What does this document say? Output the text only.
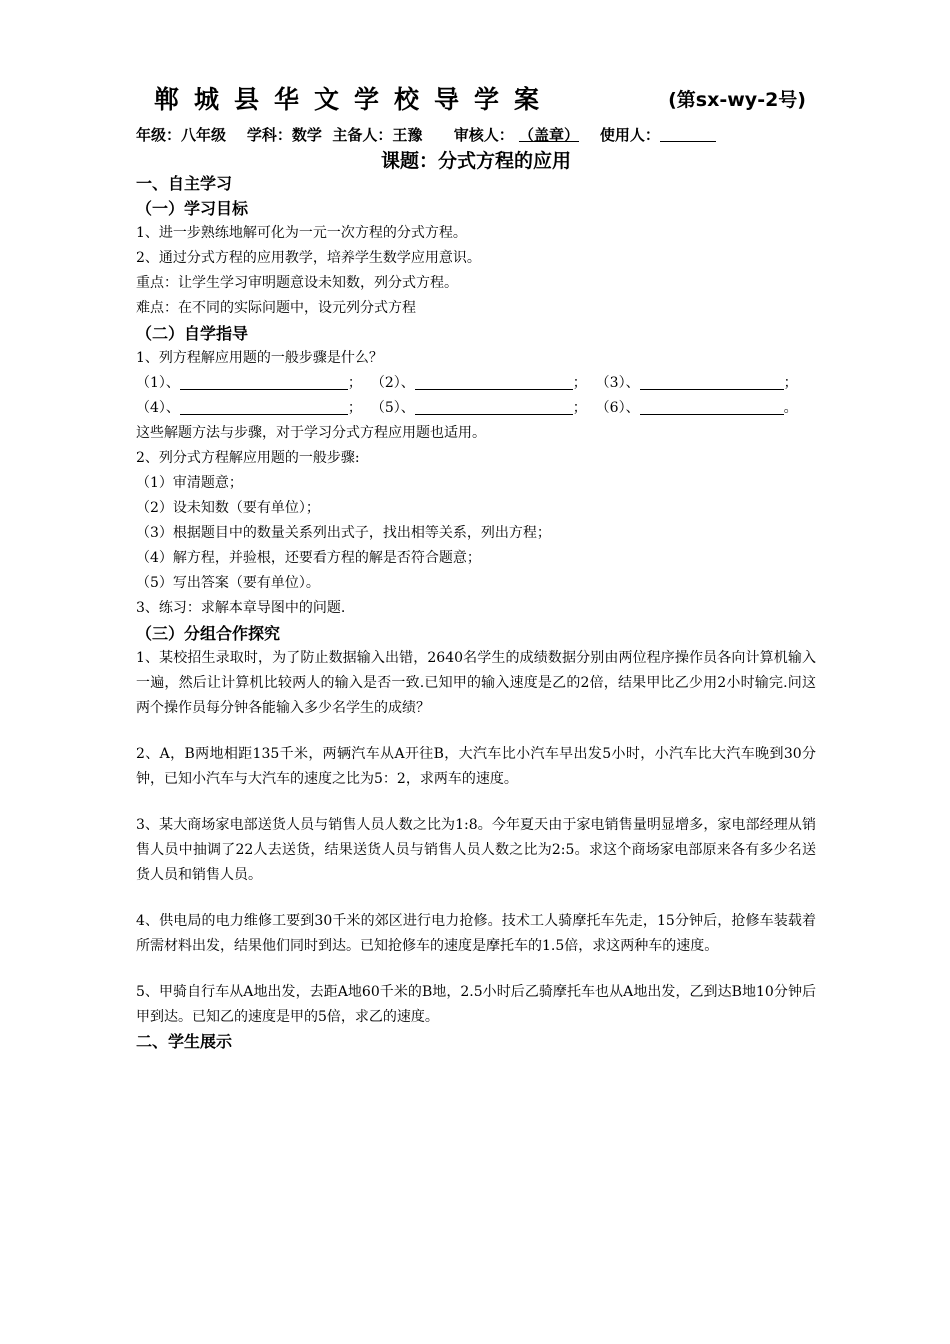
郸城县华文学校导学案	(第sx-wy-2号)
年级：八年级 学科：数学 主备人：王豫 审核人： （盖章） 使用人：
课题：分式方程的应用
一、自主学习
（一）学习目标
1、进一步熟练地解可化为一元一次方程的分式方程。
2、通过分式方程的应用教学，培养学生数学应用意识。
重点：让学生学习审明题意设未知数，列分式方程。
难点：在不同的实际问题中，设元列分式方程
（二）自学指导
1、列方程解应用题的一般步骤是什么？
（1）、	； （2）、	； （3）、	；
（4）、	； （5）、	； （6）、	。
这些解题方法与步骤，对于学习分式方程应用题也适用。
2、列分式方程解应用题的一般步骤:
（1）审清题意；
（2）设未知数（要有单位）；
（3）根据题目中的数量关系列出式子，找出相等关系，列出方程；
（4）解方程，并验根，还要看方程的解是否符合题意；
（5）写出答案（要有单位）。
3、练习：求解本章导图中的问题.
（三）分组合作探究
1、某校招生录取时，为了防止数据输入出错，2640名学生的成绩数据分别由两位程序操作员各向计算机输入一遍，然后让计算机比较两人的输入是否一致.已知甲的输入速度是乙的2倍，结果甲比乙少用2小时输完.问这两个操作员每分钟各能输入多少名学生的成绩？
2、A，B两地相距135千米，两辆汽车从A开往B，大汽车比小汽车早出发5小时，小汽车比大汽车晚到30分钟，已知小汽车与大汽车的速度之比为5：2，求两车的速度。
3、某大商场家电部送货人员与销售人员人数之比为1:8。今年夏天由于家电销售量明显增多，家电部经理从销售人员中抽调了22人去送货，结果送货人员与销售人员人数之比为2:5。求这个商场家电部原来各有多少名送货人员和销售人员。
4、供电局的电力维修工要到30千米的郊区进行电力抢修。技术工人骑摩托车先走，15分钟后，抢修车装载着所需材料出发，结果他们同时到达。已知抢修车的速度是摩托车的1.5倍，求这两种车的速度。
5、甲骑自行车从A地出发，去距A地60千米的B地，2.5小时后乙骑摩托车也从A地出发，乙到达B地10分钟后甲到达。已知乙的速度是甲的5倍，求乙的速度。
二、学生展示
